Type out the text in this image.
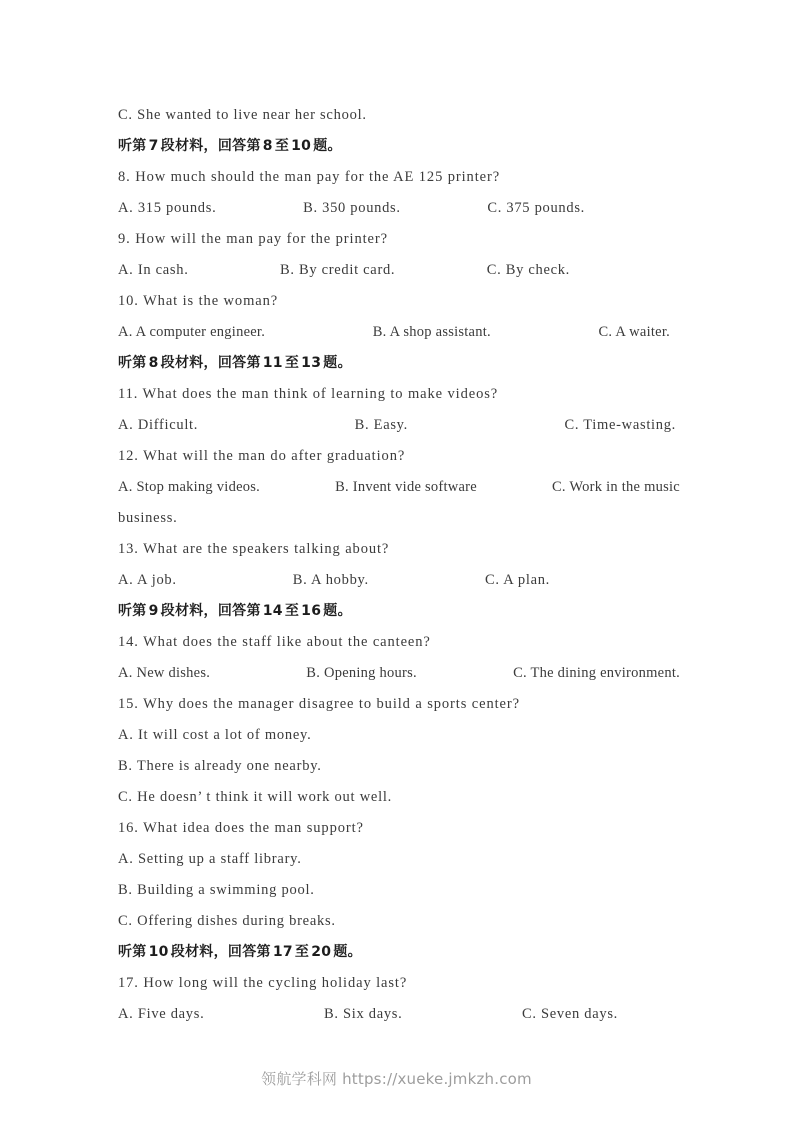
C. She wanted to live near her school.
听第 7 段材料，回答第 8 至 10 题。
8. How much should the man pay for the AE 125 printer?
A. 315 pounds.	B. 350 pounds.	C. 375 pounds.
9. How will the man pay for the printer?
A. In cash.	B. By credit card.	C. By check.
10. What is the woman?
A. A computer engineer.	B. A shop assistant.	C. A waiter.
听第 8 段材料，回答第 11 至 13 题。
11. What does the man think of learning to make videos?
A. Difficult.	B. Easy.	C. Time-wasting.
12. What will the man do after graduation?
A. Stop making videos.	B. Invent vide software	C. Work in the music
business.
13. What are the speakers talking about?
A. A job.	B. A hobby.	C. A plan.
听第 9 段材料，回答第 14 至 16 题。
14. What does the staff like about the canteen?
A. New dishes.	B. Opening hours.	C. The dining environment.
15. Why does the manager disagree to build a sports center?
A. It will cost a lot of money.
B. There is already one nearby.
C. He doesn’ t think it will work out well.
16. What idea does the man support?
A. Setting up a staff library.
B. Building a swimming pool.
C. Offering dishes during breaks.
听第 10 段材料，回答第 17 至 20 题。
17. How long will the cycling holiday last?
A. Five days.	B. Six days.	C. Seven days.
领航学科网 https://xueke.jmkzh.com
